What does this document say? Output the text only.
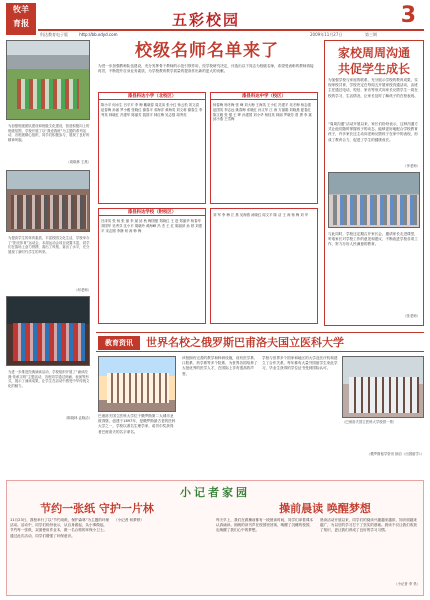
牧羊
育报	五彩校园	3
科达教育电子版	http://bb.xdyd.com	2009年11月27日	第三期
为加强班级团队建设和班级文化建设，营造积极向上的班级氛围，学校开展了以“我爱我班”为主题的系列活动，各班级精心组织，同学们积极参与，展现了良好的精神风貌。
（周晓林 王燕）
为提高学生的体育素质，丰富校园文化生活，学校举办了“阳光体育”运动会，本届运动会项目设置丰富，同学们在赛场上奋力拼搏，赛出了风格，赛出了水平，充分展现了新时代学生的风采。
（何老师）
为进一步推进经典诵读活动，学校组织开展了“诵读经典·传承文明”主题活动，各班同学通过朗诵、表演等形式，展示了诵读成果，让学生在活动中感受中华传统文化的魅力。
（陈晓林 孟晓洁）
校级名师名单来了
为进一步加强教师队伍建设，充分发挥骨干教师的示范引领作用，经学校研究决定，评选出以下同志为校级名师，希望受表彰的教师再接再厉，不断提升自身业务素质，为学校教育教学质量的提高作出新的更大的贡献。
漆县科达小学（北校区）
陈小平 何水生 吕平平 李 梅 戴晓春 周灵凤 张小红 杨云松 刘文清 赵春梅 孙丽 罗小雅 张晓红 谢春平 邓海洋 黄海英 刘文莉 谢春生 李秀英 林晓红 冯建华 陈丽芳 钱国平 林红梅 吴志强 周秀英
漆县科达中学（校区）
杨春梅 杨冬梅 张 峰 刘大梅 王海英 王小红 冯建平 吴冬梅 杨志强 赵国英 李志远 姚春梅 邓晓红 孙文华 江 涛 方丽娟 刘晓燕 夏春红 陈文雅 张 强 王 晖 孙建国 刘小华 杨桂英 林丽 罗晓芳 曾 勇 李 斌 邱小燕 王雪梅
漆县科达学校（附校区）
吕泽英 张 杨 张 丽 李 斌 邱 秋 梅国强 郑晓红 王 进 郑丽华 杨春华 刘国华 吴秀芬 沈小平 胡晓玲 黄海峰 冯 杰 王 红 陈丽萍 孙 婷 刘建平 宋志刚 李静 何 涛 韩 梅
刘 军 李 梅 江 燕 吴海燕 汤晓红 周文平 陈 洁 王 涛 杨 梅 刘 华
家校周周沟通
共促学生成长
为加强学校与家庭的联系，充分展示学校的教育成果，实现家校共育，学校决定在每周五开展家校沟通活动，由班主任通过电话、短信、家访等形式向家长反馈学生一周在校的学习、生活情况，让家长及时了解孩子的在校表现。
“周周沟通”活动开展以来，家长们纷纷表示，这种沟通方式让他们随时掌握孩子的动态，能够更好地配合学校教育孩子，许多家长还主动向老师反馈孩子在家中的表现，形成了教育合力，促进了学生的健康成长。
（李老师）
与此同时，学校还定期召开家长会，邀请家长走进课堂，听取家长对学校工作的意见和建议，不断改进学校各项工作，努力办好人民满意的教育。
（张老师）
教育资讯	世界名校之俄罗斯巴甫洛夫国立医科大学
巴甫洛夫国立医科大学位于俄罗斯第二大城市圣彼得堡，创建于1897年，是俄罗斯最古老的医科大学之一，学校以著名生理学家、诺贝尔奖获得者巴甫洛夫的名字命名。
该校拥有完善的教学和科研设施，设有医学系、口腔系、药学系等多个院系，为世界各国培养了大批优秀的医学人才，在国际上享有很高的声誉。
学校与世界多个国家和地区的大学及医疗机构建立了合作关系，每年都有大量外国留学生来此学习，毕业生获得的学位证书受到国际认可。
（巴甫洛夫国立医科大学校园一景）
（俄罗斯留学资讯 摘自《出国留学》）
小记者家园
节约一张纸 守护一片林	操前晨读 唤醒梦想
11月23日，我校举行了以“节约用纸，保护森林”为主题的环保活动。活动中，同学们纷纷表示，从自身做起，从小事做起，节约每一张纸，双面使用作业本，做一名合格的环保小卫士。通过此次活动，同学们增强了环保意识。
（小记者 何梦婷）	每天早上，我们在做操前都有一段晨读时间，同学们拿着课本认真诵读。朗朗的读书声在校园里回荡，唤醒了沉睡的校园，也唤醒了我们心中的梦想。
晨读活动开展以来，同学们的阅读兴趣越来越浓，知识面越来越广，为以后的学习打下了坚实的基础。晨读不仅让我们收获了知识，更让我们养成了良好的学习习惯。
（小记者 李 昊）
